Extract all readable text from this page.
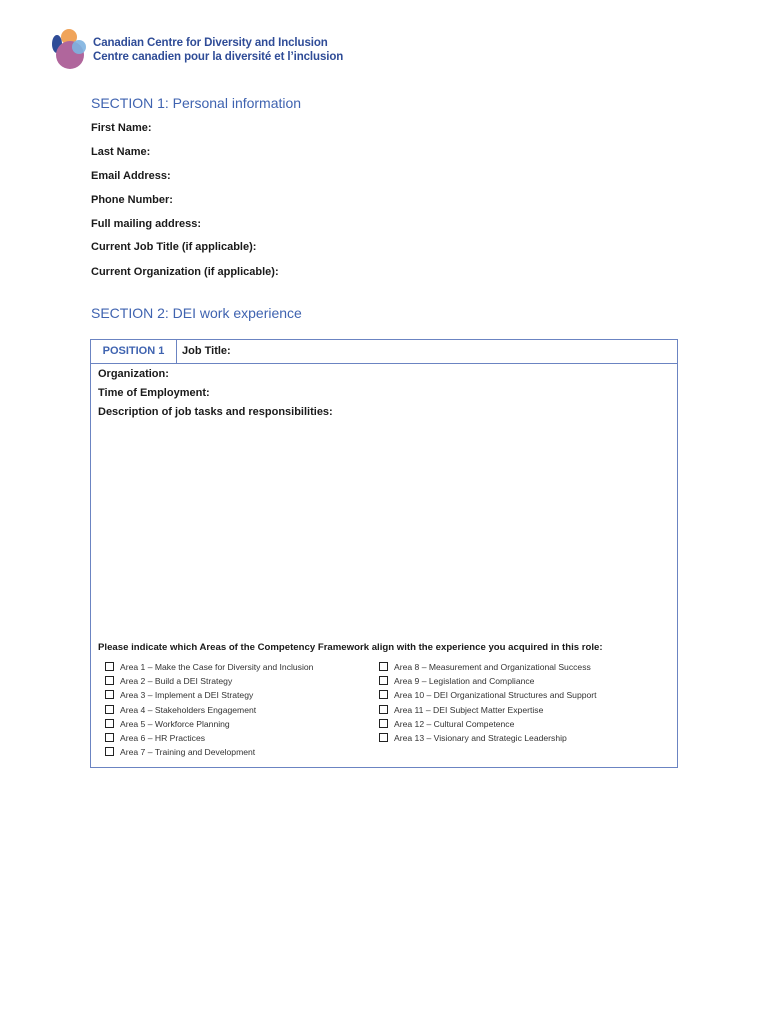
Canadian Centre for Diversity and Inclusion
Centre canadien pour la diversité et l’inclusion
SECTION 1: Personal information
First Name:
Last Name:
Email Address:
Phone Number:
Full mailing address:
Current Job Title (if applicable):
Current Organization (if applicable):
SECTION 2: DEI work experience
POSITION 1	Job Title:
Organization:
Time of Employment:
Description of job tasks and responsibilities:
Please indicate which Areas of the Competency Framework align with the experience you acquired in this role:
Area 1 – Make the Case for Diversity and Inclusion
Area 2 – Build a DEI Strategy
Area 3 – Implement a DEI Strategy
Area 4 – Stakeholders Engagement
Area 5 – Workforce Planning
Area 6 – HR Practices
Area 7 – Training and Development
Area 8 – Measurement and Organizational Success
Area 9 – Legislation and Compliance
Area 10 – DEI Organizational Structures and Support
Area 11 – DEI Subject Matter Expertise
Area 12 – Cultural Competence
Area 13 – Visionary and Strategic Leadership
